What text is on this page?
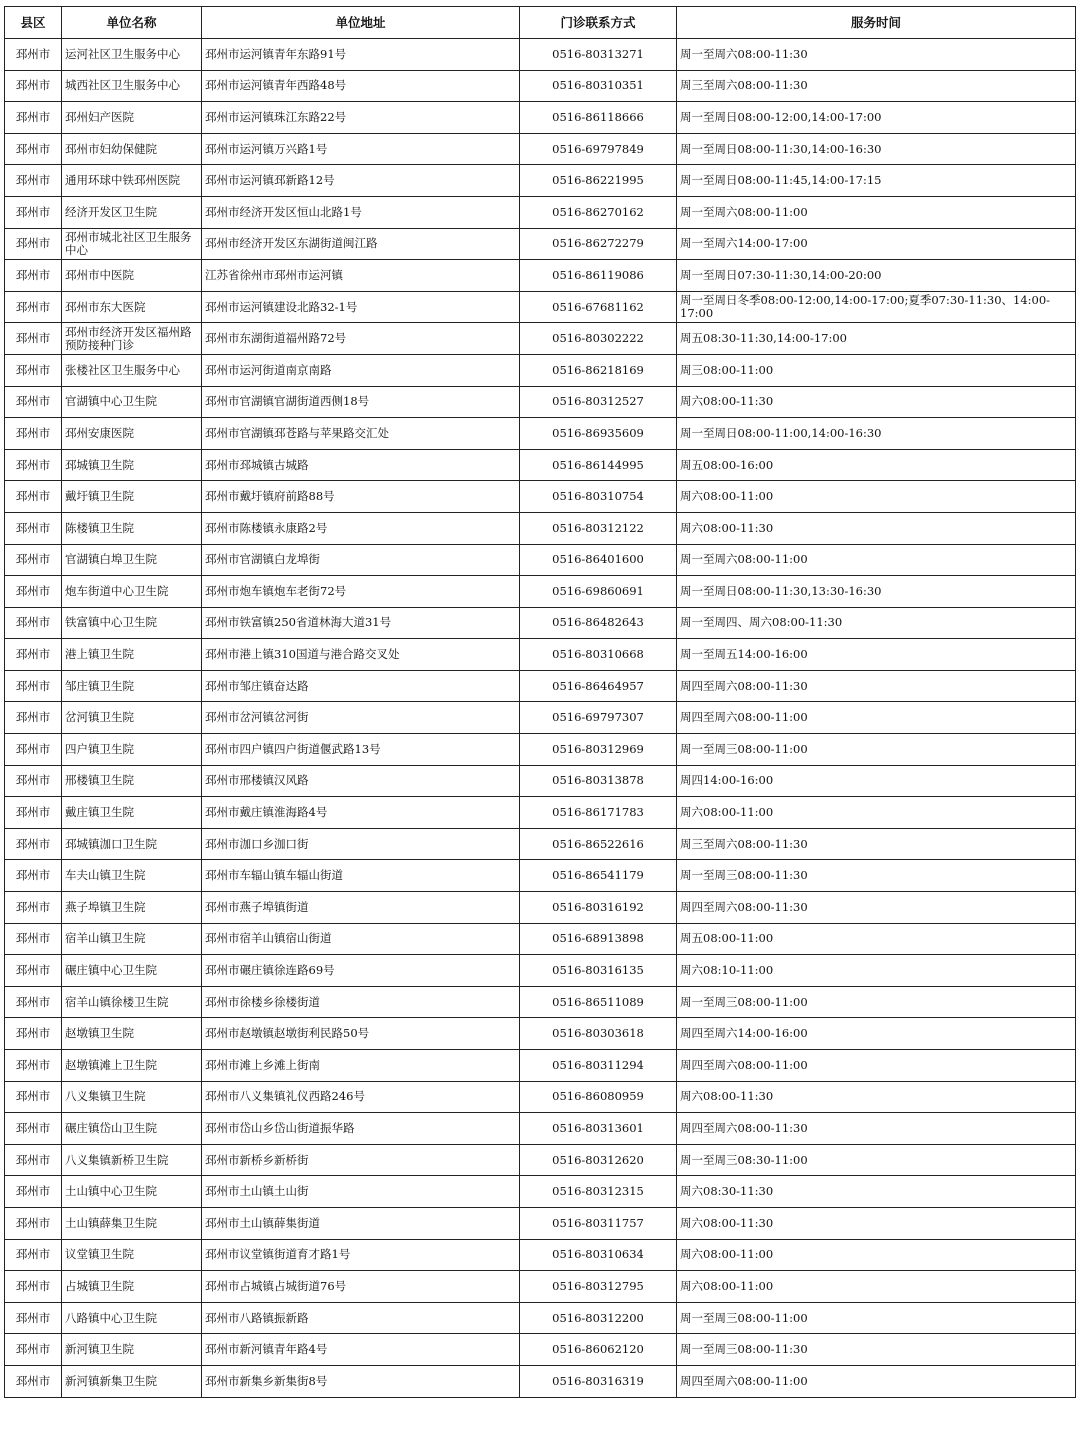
县区	单位名称	单位地址	门诊联系方式	服务时间
邳州市	运河社区卫生服务中心	邳州市运河镇青年东路91号	0516-80313271	周一至周六08:00-11:30
邳州市	城西社区卫生服务中心	邳州市运河镇青年西路48号	0516-80310351	周三至周六08:00-11:30
邳州市	邳州妇产医院	邳州市运河镇珠江东路22号	0516-86118666	周一至周日08:00-12:00,14:00-17:00
邳州市	邳州市妇幼保健院	邳州市运河镇万兴路1号	0516-69797849	周一至周日08:00-11:30,14:00-16:30
邳州市	通用环球中铁邳州医院	邳州市运河镇邳新路12号	0516-86221995	周一至周日08:00-11:45,14:00-17:15
邳州市	经济开发区卫生院	邳州市经济开发区恒山北路1号	0516-86270162	周一至周六08:00-11:00
邳州市	邳州市城北社区卫生服务中心	邳州市经济开发区东湖街道闽江路	0516-86272279	周一至周六14:00-17:00
邳州市	邳州市中医院	江苏省徐州市邳州市运河镇	0516-86119086	周一至周日07:30-11:30,14:00-20:00
邳州市	邳州市东大医院	邳州市运河镇建设北路32-1号	0516-67681162	周一至周日冬季08:00-12:00,14:00-17:00;夏季07:30-11:30、14:00-17:00
邳州市	邳州市经济开发区福州路预防接种门诊	邳州市东湖街道福州路72号	0516-80302222	周五08:30-11:30,14:00-17:00
邳州市	张楼社区卫生服务中心	邳州市运河街道南京南路	0516-86218169	周三08:00-11:00
邳州市	官湖镇中心卫生院	邳州市官湖镇官湖街道西侧18号	0516-80312527	周六08:00-11:30
邳州市	邳州安康医院	邳州市官湖镇邳苍路与苹果路交汇处	0516-86935609	周一至周日08:00-11:00,14:00-16:30
邳州市	邳城镇卫生院	邳州市邳城镇古城路	0516-86144995	周五08:00-16:00
邳州市	戴圩镇卫生院	邳州市戴圩镇府前路88号	0516-80310754	周六08:00-11:00
邳州市	陈楼镇卫生院	邳州市陈楼镇永康路2号	0516-80312122	周六08:00-11:30
邳州市	官湖镇白埠卫生院	邳州市官湖镇白龙埠街	0516-86401600	周一至周六08:00-11:00
邳州市	炮车街道中心卫生院	邳州市炮车镇炮车老街72号	0516-69860691	周一至周日08:00-11:30,13:30-16:30
邳州市	铁富镇中心卫生院	邳州市铁富镇250省道林海大道31号	0516-86482643	周一至周四、周六08:00-11:30
邳州市	港上镇卫生院	邳州市港上镇310国道与港合路交叉处	0516-80310668	周一至周五14:00-16:00
邳州市	邹庄镇卫生院	邳州市邹庄镇奋达路	0516-86464957	周四至周六08:00-11:30
邳州市	岔河镇卫生院	邳州市岔河镇岔河街	0516-69797307	周四至周六08:00-11:00
邳州市	四户镇卫生院	邳州市四户镇四户街道偃武路13号	0516-80312969	周一至周三08:00-11:00
邳州市	邢楼镇卫生院	邳州市邢楼镇汉风路	0516-80313878	周四14:00-16:00
邳州市	戴庄镇卫生院	邳州市戴庄镇淮海路4号	0516-86171783	周六08:00-11:00
邳州市	邳城镇泇口卫生院	邳州市泇口乡泇口街	0516-86522616	周三至周六08:00-11:30
邳州市	车夫山镇卫生院	邳州市车辐山镇车辐山街道	0516-86541179	周一至周三08:00-11:30
邳州市	燕子埠镇卫生院	邳州市燕子埠镇街道	0516-80316192	周四至周六08:00-11:30
邳州市	宿羊山镇卫生院	邳州市宿羊山镇宿山街道	0516-68913898	周五08:00-11:00
邳州市	碾庄镇中心卫生院	邳州市碾庄镇徐连路69号	0516-80316135	周六08:10-11:00
邳州市	宿羊山镇徐楼卫生院	邳州市徐楼乡徐楼街道	0516-86511089	周一至周三08:00-11:00
邳州市	赵墩镇卫生院	邳州市赵墩镇赵墩街利民路50号	0516-80303618	周四至周六14:00-16:00
邳州市	赵墩镇滩上卫生院	邳州市滩上乡滩上街南	0516-80311294	周四至周六08:00-11:00
邳州市	八义集镇卫生院	邳州市八义集镇礼仪西路246号	0516-86080959	周六08:00-11:30
邳州市	碾庄镇岱山卫生院	邳州市岱山乡岱山街道振华路	0516-80313601	周四至周六08:00-11:30
邳州市	八义集镇新桥卫生院	邳州市新桥乡新桥街	0516-80312620	周一至周三08:30-11:00
邳州市	土山镇中心卫生院	邳州市土山镇土山街	0516-80312315	周六08:30-11:30
邳州市	土山镇薛集卫生院	邳州市土山镇薛集街道	0516-80311757	周六08:00-11:30
邳州市	议堂镇卫生院	邳州市议堂镇街道育才路1号	0516-80310634	周六08:00-11:00
邳州市	占城镇卫生院	邳州市占城镇占城街道76号	0516-80312795	周六08:00-11:00
邳州市	八路镇中心卫生院	邳州市八路镇振新路	0516-80312200	周一至周三08:00-11:00
邳州市	新河镇卫生院	邳州市新河镇青年路4号	0516-86062120	周一至周三08:00-11:30
邳州市	新河镇新集卫生院	邳州市新集乡新集街8号	0516-80316319	周四至周六08:00-11:00
